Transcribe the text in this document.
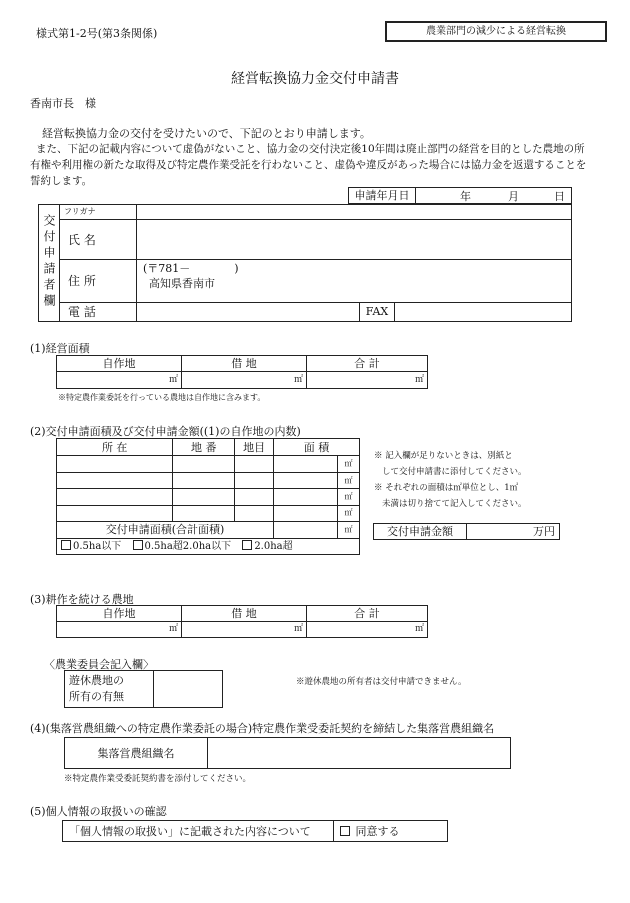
様式第1-2号(第3条関係)	農業部門の減少による経営転換
経営転換協力金交付申請書
香南市長　様
経営転換協力金の交付を受けたいので、下記のとおり申請します。
また、下記の記載内容について虚偽がないこと、協力金の交付決定後10年間は廃止部門の経営を目的とした農地の所
有権や利用権の新たな取得及び特定農作業受託を行わないこと、虚偽や違反があった場合には協力金を返還することを
誓約します。
申請年月日	年	月	日
交付申請者欄	フリガナ			
	氏 名			
	住 所	(〒781－　　　　)
高知県香南市		

	電 話		FAX	
(1)経営面積
自作地	借 地	合 計
㎡	㎡	㎡
※特定農作業委託を行っている農地は自作地に含みます。
(2)交付申請面積及び交付申請金額((1)の自作地の内数)
所 在	地 番	地目	面 積	
				㎡
				㎡
				㎡
				㎡
交付申請面積(合計面積)				㎡
0.5ha以下 0.5ha超2.0ha以下 2.0ha超				
※ 記入欄が足りないときは、別紙と
して交付申請書に添付してください。
※ それぞれの面積は㎡単位とし、1㎡
未満は切り捨てて記入してください。
交付申請金額	万円
(3)耕作を続ける農地
自作地	借 地	合 計
㎡	㎡	㎡
〈農業委員会記入欄〉
遊休農地の
所有の有無

※遊休農地の所有者は交付申請できません。
(4)(集落営農組織への特定農作業委託の場合)特定農作業受委託契約を締結した集落営農組織名
集落営農組織名	
※特定農作業受委託契約書を添付してください。
(5)個人情報の取扱いの確認
「個人情報の取扱い」に記載された内容について	同意する
